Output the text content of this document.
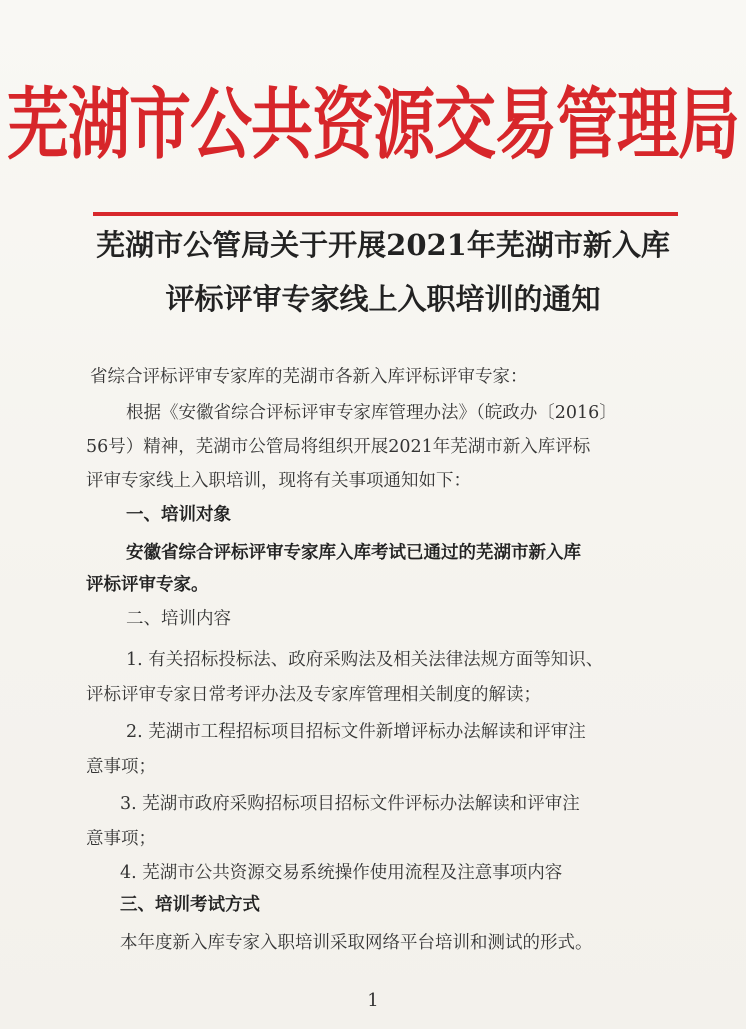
芜湖市公共资源交易管理局
芜湖市公管局关于开展2021年芜湖市新入库
评标评审专家线上入职培训的通知
省综合评标评审专家库的芜湖市各新入库评标评审专家：
根据《安徽省综合评标评审专家库管理办法》（皖政办〔2016〕
56号）精神，芜湖市公管局将组织开展2021年芜湖市新入库评标
评审专家线上入职培训，现将有关事项通知如下：
一、培训对象
安徽省综合评标评审专家库入库考试已通过的芜湖市新入库
评标评审专家。
二、培训内容
1. 有关招标投标法、政府采购法及相关法律法规方面等知识、
评标评审专家日常考评办法及专家库管理相关制度的解读；
2. 芜湖市工程招标项目招标文件新增评标办法解读和评审注
意事项；
3. 芜湖市政府采购招标项目招标文件评标办法解读和评审注
意事项；
4. 芜湖市公共资源交易系统操作使用流程及注意事项内容
三、培训考试方式
本年度新入库专家入职培训采取网络平台培训和测试的形式。
1
